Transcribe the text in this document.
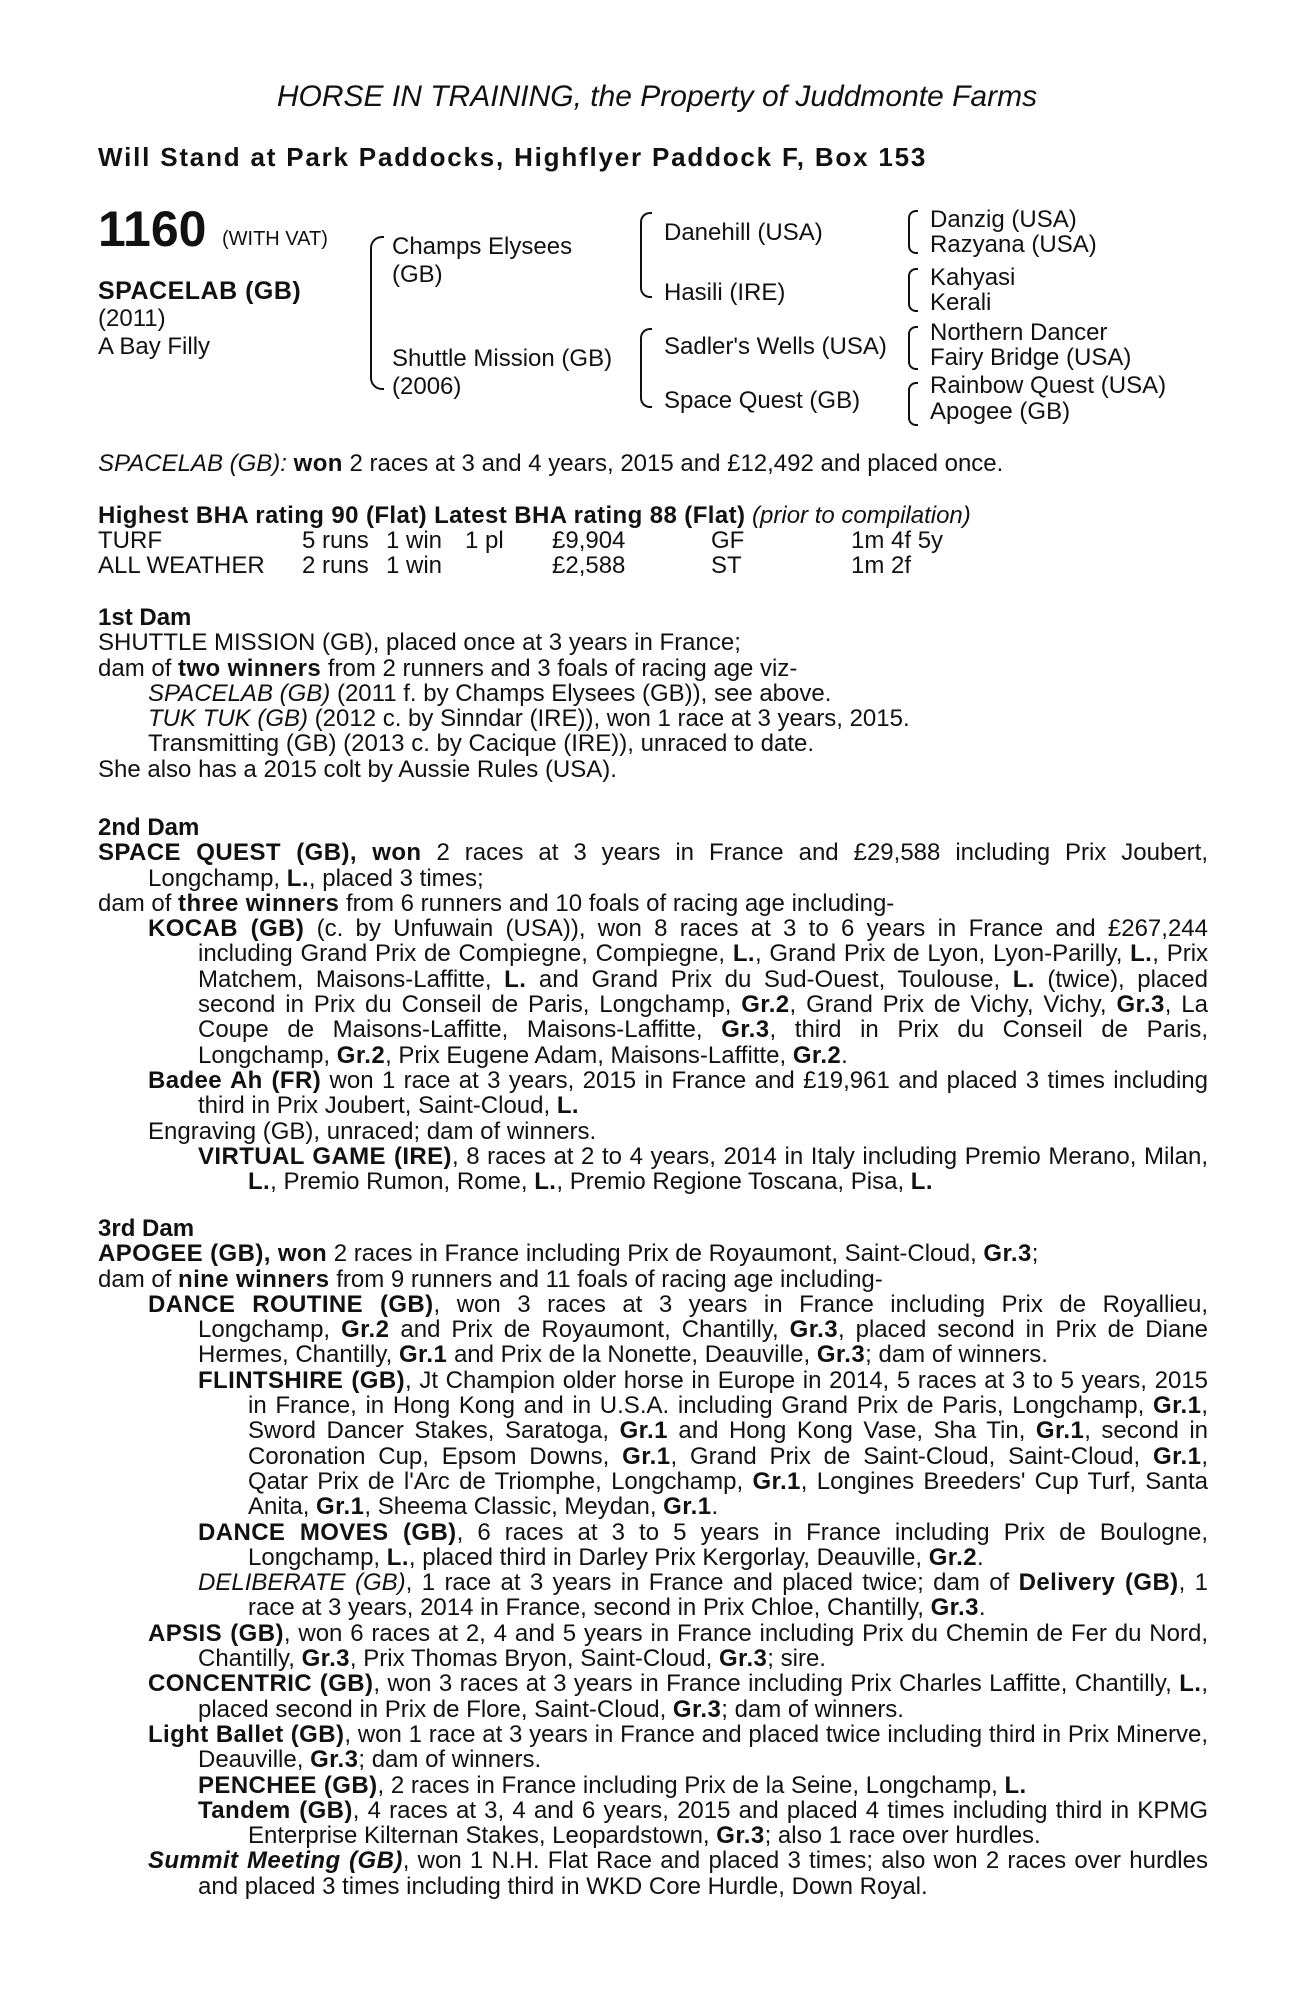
HORSE IN TRAINING, the Property of Juddmonte Farms
Will Stand at Park Paddocks, Highflyer Paddock F, Box 153
1160 (WITH VAT)
SPACELAB (GB)
(2011)
A Bay Filly
Champs Elysees
(GB)
Shuttle Mission (GB)
(2006)
Danehill (USA)
Hasili (IRE)
Sadler's Wells (USA)
Space Quest (GB)
Danzig (USA)
Razyana (USA)
Kahyasi
Kerali
Northern Dancer
Fairy Bridge (USA)
Rainbow Quest (USA)
Apogee (GB)
SPACELAB (GB): won 2 races at 3 and 4 years, 2015 and £12,492 and placed once.
Highest BHA rating 90 (Flat) Latest BHA rating 88 (Flat) (prior to compilation)
TURF	5 runs	1 win	1 pl	£9,904	GF	1m 4f 5y
ALL WEATHER	2 runs	1 win		£2,588	ST	1m 2f

1st Dam

SHUTTLE MISSION (GB), placed once at 3 years in France;

dam of two winners from 2 runners and 3 foals of racing age viz-

SPACELAB (GB) (2011 f. by Champs Elysees (GB)), see above.

TUK TUK (GB) (2012 c. by Sinndar (IRE)), won 1 race at 3 years, 2015.

Transmitting (GB) (2013 c. by Cacique (IRE)), unraced to date.

She also has a 2015 colt by Aussie Rules (USA).

2nd Dam

SPACE QUEST (GB), won 2 races at 3 years in France and £29,588 including Prix Joubert, Longchamp, L., placed 3 times;

dam of three winners from 6 runners and 10 foals of racing age including-

KOCAB (GB) (c. by Unfuwain (USA)), won 8 races at 3 to 6 years in France and £267,244 including Grand Prix de Compiegne, Compiegne, L., Grand Prix de Lyon, Lyon-Parilly, L., Prix Matchem, Maisons-Laffitte, L. and Grand Prix du Sud-Ouest, Toulouse, L. (twice), placed second in Prix du Conseil de Paris, Longchamp, Gr.2, Grand Prix de Vichy, Vichy, Gr.3, La Coupe de Maisons-Laffitte, Maisons-Laffitte, Gr.3, third in Prix du Conseil de Paris, Longchamp, Gr.2, Prix Eugene Adam, Maisons-Laffitte, Gr.2.

Badee Ah (FR) won 1 race at 3 years, 2015 in France and £19,961 and placed 3 times including third in Prix Joubert, Saint-Cloud, L.

Engraving (GB), unraced; dam of winners.

VIRTUAL GAME (IRE), 8 races at 2 to 4 years, 2014 in Italy including Premio Merano, Milan, L., Premio Rumon, Rome, L., Premio Regione Toscana, Pisa, L.

3rd Dam

APOGEE (GB), won 2 races in France including Prix de Royaumont, Saint-Cloud, Gr.3;

dam of nine winners from 9 runners and 11 foals of racing age including-

DANCE ROUTINE (GB), won 3 races at 3 years in France including Prix de Royallieu, Longchamp, Gr.2 and Prix de Royaumont, Chantilly, Gr.3, placed second in Prix de Diane Hermes, Chantilly, Gr.1 and Prix de la Nonette, Deauville, Gr.3; dam of winners.

FLINTSHIRE (GB), Jt Champion older horse in Europe in 2014, 5 races at 3 to 5 years, 2015 in France, in Hong Kong and in U.S.A. including Grand Prix de Paris, Longchamp, Gr.1, Sword Dancer Stakes, Saratoga, Gr.1 and Hong Kong Vase, Sha Tin, Gr.1, second in Coronation Cup, Epsom Downs, Gr.1, Grand Prix de Saint-Cloud, Saint-Cloud, Gr.1, Qatar Prix de l'Arc de Triomphe, Longchamp, Gr.1, Longines Breeders' Cup Turf, Santa Anita, Gr.1, Sheema Classic, Meydan, Gr.1.

DANCE MOVES (GB), 6 races at 3 to 5 years in France including Prix de Boulogne, Longchamp, L., placed third in Darley Prix Kergorlay, Deauville, Gr.2.

DELIBERATE (GB), 1 race at 3 years in France and placed twice; dam of Delivery (GB), 1 race at 3 years, 2014 in France, second in Prix Chloe, Chantilly, Gr.3.

APSIS (GB), won 6 races at 2, 4 and 5 years in France including Prix du Chemin de Fer du Nord, Chantilly, Gr.3, Prix Thomas Bryon, Saint-Cloud, Gr.3; sire.

CONCENTRIC (GB), won 3 races at 3 years in France including Prix Charles Laffitte, Chantilly, L., placed second in Prix de Flore, Saint-Cloud, Gr.3; dam of winners.

Light Ballet (GB), won 1 race at 3 years in France and placed twice including third in Prix Minerve, Deauville, Gr.3; dam of winners.

PENCHEE (GB), 2 races in France including Prix de la Seine, Longchamp, L.

Tandem (GB), 4 races at 3, 4 and 6 years, 2015 and placed 4 times including third in KPMG Enterprise Kilternan Stakes, Leopardstown, Gr.3; also 1 race over hurdles.

Summit Meeting (GB), won 1 N.H. Flat Race and placed 3 times; also won 2 races over hurdles and placed 3 times including third in WKD Core Hurdle, Down Royal.
